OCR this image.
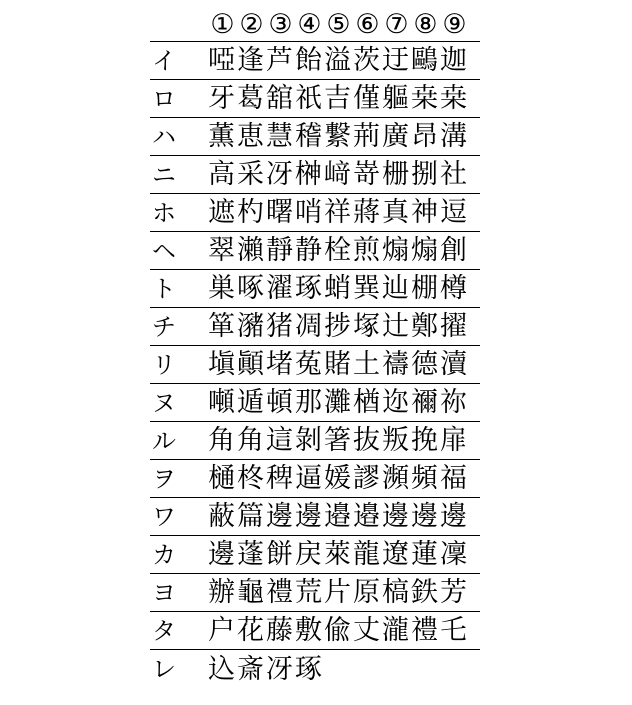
① ② ③ ④ ⑤ ⑥ ⑦ ⑧ ⑨
イ	啞逢芦飴溢茨迂鷗迦
ロ	牙葛舘祇吉僅軀桒桒
ハ	薫恵慧稽繋荊廣昂溝
ニ	高采冴榊﨑嵜栅捌社
ホ	遮杓曙哨祥蔣真神逗
ヘ	翠瀨靜静栓煎煽煽創
ト	巣啄濯琢蛸巽辿棚樽
チ	箪瀦猪凋捗塚辻鄭擢
リ	塡顚堵菟賭土禱德瀆
ヌ	噸遁頓那灘楢迩禰祢
ル	角角這剝箸抜叛挽扉
ヲ	樋柊稗逼媛謬瀕頻福
ワ	蔽篇邊邊邉邉邊邊邊
カ	邊蓬餅戻萊龍遼蓮凜
ヨ	辦龜禮荒片原槁鉄芳
タ	户花藤敷偸丈瀧禮乇
レ	込斎冴琢
